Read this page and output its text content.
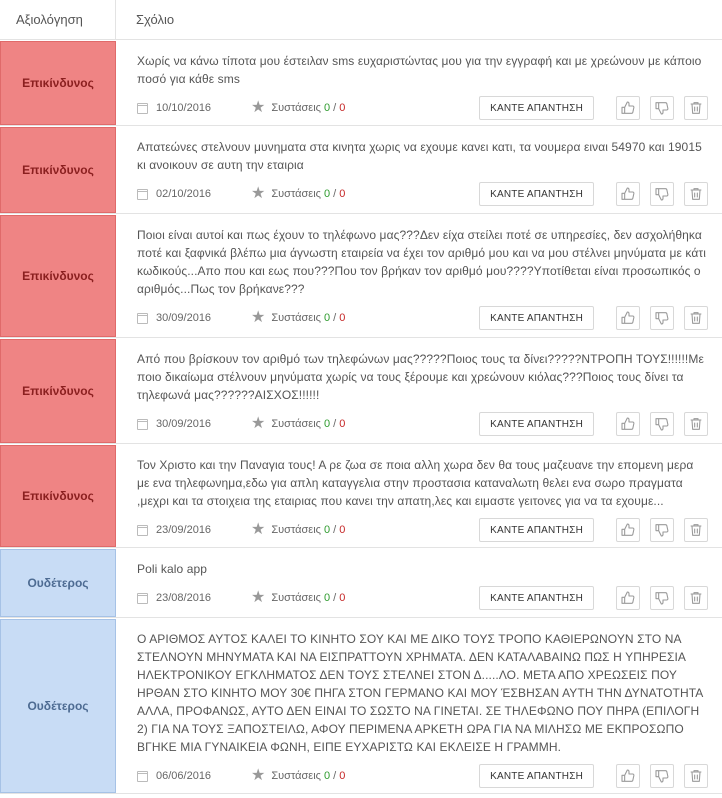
Αξιολόγηση	Σχόλιο
Επικίνδυνος
Χωρίς να κάνω τίποτα μου έστειλαν sms ευχαριστώντας μου για την εγγραφή και με χρεώνουν με κάποιο ποσό για κάθε sms
10/10/2016 ★ Συστάσεις 0 / 0	ΚΑΝΤΕ ΑΠΑΝΤΗΣΗ
Επικίνδυνος
Απατεώνες στελνουν μυνηματα στα κινητα χωρις να εχουμε κανει κατι, τα νουμερα ειναι 54970 και 19015 κι ανοικουν σε αυτη την εταιρια
02/10/2016 ★ Συστάσεις 0 / 0	ΚΑΝΤΕ ΑΠΑΝΤΗΣΗ
Επικίνδυνος
Ποιοι είναι αυτοί και πως έχουν το τηλέφωνο μας???Δεν είχα στείλει ποτέ σε υπηρεσίες, δεν ασχολήθηκα ποτέ και ξαφνικά βλέπω μια άγνωστη εταιρεία να έχει τον αριθμό μου και να μου στέλνει μηνύματα με κάτι κωδικούς...Απο που και εως που???Που τον βρήκαν τον αριθμό μου????Υποτίθεται είναι προσωπικός ο αριθμός...Πως τον βρήκανε???
30/09/2016 ★ Συστάσεις 0 / 0	ΚΑΝΤΕ ΑΠΑΝΤΗΣΗ
Επικίνδυνος
Από που βρίσκουν τον αριθμό των τηλεφώνων μας?????Ποιος τους τα δίνει?????ΝΤΡΟΠΗ ΤΟΥΣ!!!!!!Με ποιο δικαίωμα στέλνουν μηνύματα χωρίς να τους ξέρουμε και χρεώνουν κιόλας???Ποιος τους δίνει τα τηλεφωνά μας??????ΑΙΣΧΟΣ!!!!!!
30/09/2016 ★ Συστάσεις 0 / 0	ΚΑΝΤΕ ΑΠΑΝΤΗΣΗ
Επικίνδυνος
Τον Χριστο και την Παναγια τους! Α ρε ζωα σε ποια αλλη χωρα δεν θα τους μαζευανε την επομενη μερα με ενα τηλεφωνημα,εδω για απλη καταγγελια στην προστασια καταναλωτη θελει ενα σωρο πραγματα ,μεχρι και τα στοιχεια της εταιριας που κανει την απατη,λες και ειμαστε γειτονες για να τα εχουμε...
23/09/2016 ★ Συστάσεις 0 / 0	ΚΑΝΤΕ ΑΠΑΝΤΗΣΗ
Ουδέτερος
Poli kalo app
23/08/2016 ★ Συστάσεις 0 / 0	ΚΑΝΤΕ ΑΠΑΝΤΗΣΗ
Ουδέτερος
Ο ΑΡΙΘΜΟΣ ΑΥΤΟΣ ΚΑΛΕΙ ΤΟ ΚΙΝΗΤΟ ΣΟΥ ΚΑΙ ΜΕ ΔΙΚΟ ΤΟΥΣ ΤΡΟΠΟ ΚΑΘΙΕΡΩΝΟΥΝ ΣΤΟ ΝΑ ΣΤΕΛΝΟΥΝ ΜΗΝΥΜΑΤΑ ΚΑΙ ΝΑ ΕΙΣΠΡΑΤΤΟΥΝ ΧΡΗΜΑΤΑ. ΔΕΝ ΚΑΤΑΛΑΒΑΙΝΩ ΠΩΣ Η ΥΠΗΡΕΣΙΑ ΗΛΕΚΤΡΟΝΙΚΟΥ ΕΓΚΛΗΜΑΤΟΣ ΔΕΝ ΤΟΥΣ ΣΤΕΛΝΕΙ ΣΤΟΝ Δ.....ΛΟ. ΜΕΤΑ ΑΠΟ ΧΡΕΩΣΕΙΣ ΠΟΥ ΗΡΘΑΝ ΣΤΟ ΚΙΝΗΤΟ ΜΟΥ 30€ ΠΗΓΑ ΣΤΟΝ ΓΕΡΜΑΝΟ ΚΑΙ ΜΟΥ ΈΣΒΗΣΑΝ ΑΥΤΗ ΤΗΝ ΔΥΝΑΤΟΤΗΤΑ ΑΛΛΑ, ΠΡΟΦΑΝΩΣ, ΑΥΤΟ ΔΕΝ ΕΙΝΑΙ ΤΟ ΣΩΣΤΟ ΝΑ ΓΙΝΕΤΑΙ. ΣΕ ΤΗΛΕΦΩΝΟ ΠΟΥ ΠΗΡΑ (ΕΠΙΛΟΓΗ 2) ΓΙΑ ΝΑ ΤΟΥΣ ΞΑΠΟΣΤΕΙΛΩ, ΑΦΟΥ ΠΕΡΙΜΕΝΑ ΑΡΚΕΤΗ ΩΡΑ ΓΙΑ ΝΑ ΜΙΛΗΣΩ ΜΕ ΕΚΠΡΟΣΩΠΟ ΒΓΗΚΕ ΜΙΑ ΓΥΝΑΙΚΕΙΑ ΦΩΝΗ, ΕΙΠΕ ΕΥΧΑΡΙΣΤΩ ΚΑΙ ΕΚΛΕΙΣΕ Η ΓΡΑΜΜΗ.
06/06/2016 ★ Συστάσεις 0 / 0	ΚΑΝΤΕ ΑΠΑΝΤΗΣΗ
